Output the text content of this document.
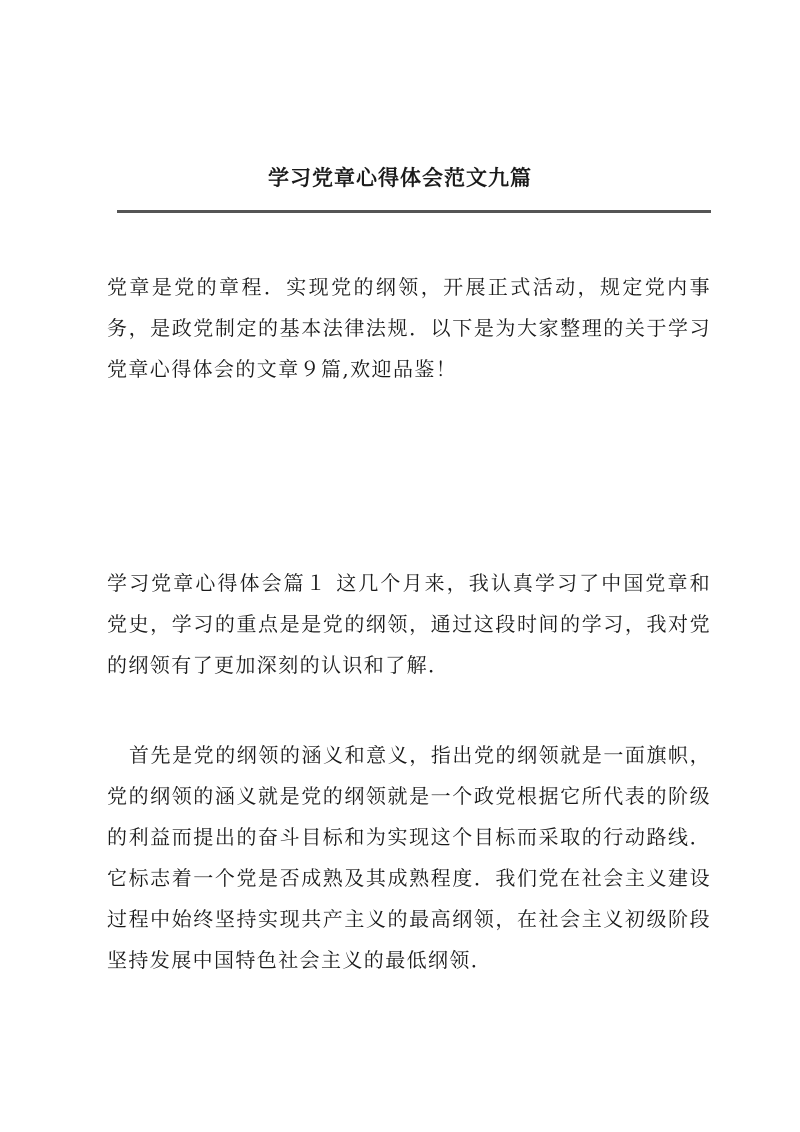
学习党章心得体会范文九篇

党章是党的章程．实现党的纲领，开展正式活动，规定党内事务，是政党制定的基本法律法规．以下是为大家整理的关于学习党章心得体会的文章９篇,欢迎品鉴！

学习党章心得体会篇１ 这几个月来，我认真学习了中国党章和党史，学习的重点是是党的纲领，通过这段时间的学习，我对党的纲领有了更加深刻的认识和了解．

首先是党的纲领的涵义和意义，指出党的纲领就是一面旗帜，党的纲领的涵义就是党的纲领就是一个政党根据它所代表的阶级的利益而提出的奋斗目标和为实现这个目标而采取的行动路线．它标志着一个党是否成熟及其成熟程度．我们党在社会主义建设过程中始终坚持实现共产主义的最高纲领，在社会主义初级阶段坚持发展中国特色社会主义的最低纲领．
